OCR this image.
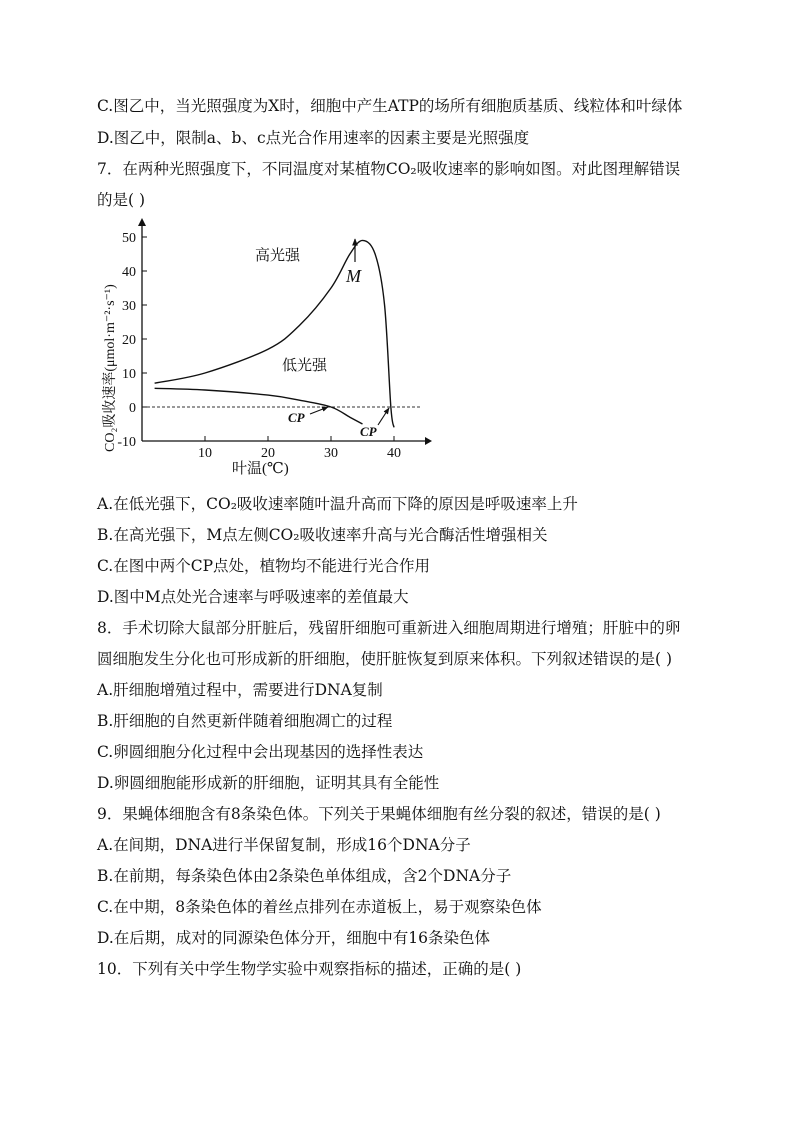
C.图乙中，当光照强度为X时，细胞中产生ATP的场所有细胞质基质、线粒体和叶绿体
D.图乙中，限制a、b、c点光合作用速率的因素主要是光照强度
7．在两种光照强度下，不同温度对某植物CO₂吸收速率的影响如图。对此图理解错误
的是( )
-10
0
10
20
30
40
50
10	20	30	40
高光强
低光强
M
CP
CP
叶温(℃)
CO₂吸收速率(μmol·m⁻²·s⁻¹)
A.在低光强下，CO₂吸收速率随叶温升高而下降的原因是呼吸速率上升
B.在高光强下，M点左侧CO₂吸收速率升高与光合酶活性增强相关
C.在图中两个CP点处，植物均不能进行光合作用
D.图中M点处光合速率与呼吸速率的差值最大
8．手术切除大鼠部分肝脏后，残留肝细胞可重新进入细胞周期进行增殖；肝脏中的卵
圆细胞发生分化也可形成新的肝细胞，使肝脏恢复到原来体积。下列叙述错误的是( )
A.肝细胞增殖过程中，需要进行DNA复制
B.肝细胞的自然更新伴随着细胞凋亡的过程
C.卵圆细胞分化过程中会出现基因的选择性表达
D.卵圆细胞能形成新的肝细胞，证明其具有全能性
9．果蝇体细胞含有8条染色体。下列关于果蝇体细胞有丝分裂的叙述，错误的是( )
A.在间期，DNA进行半保留复制，形成16个DNA分子
B.在前期，每条染色体由2条染色单体组成，含2个DNA分子
C.在中期，8条染色体的着丝点排列在赤道板上，易于观察染色体
D.在后期，成对的同源染色体分开，细胞中有16条染色体
10．下列有关中学生物学实验中观察指标的描述，正确的是( )
